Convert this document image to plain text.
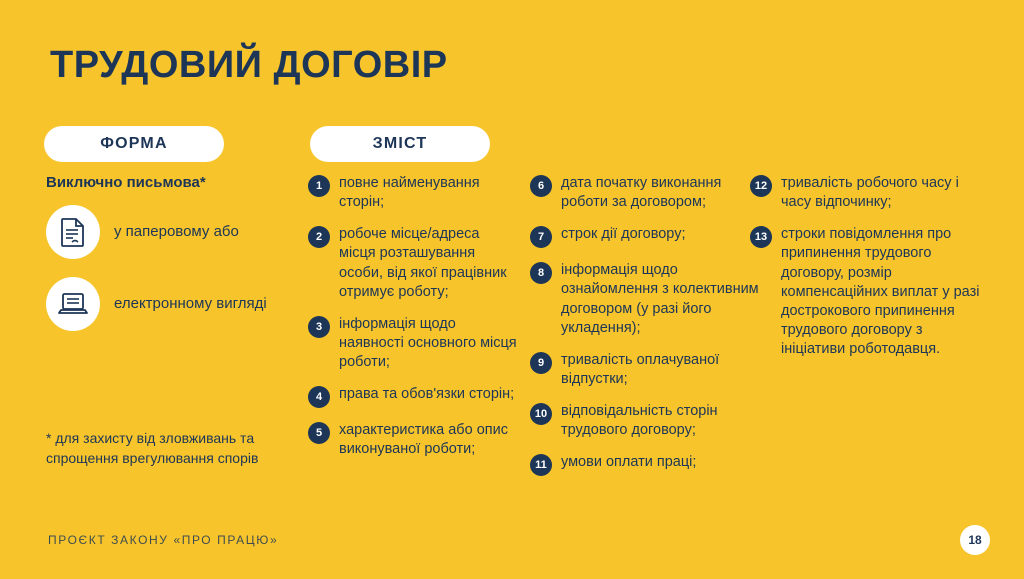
ТРУДОВИЙ ДОГОВІР
ФОРМА	ЗМІСТ
Виключно письмова*
у паперовому або
електронному вигляді
* для захисту від зловживань та спрощення врегулювання спорів
1	повне найменування сторін;
2	робоче місце/адреса місця розташування особи, від якої працівник отримує роботу;
3	інформація щодо наявності основного місця роботи;
4	права та обов'язки сторін;
5	характеристика або опис виконуваної роботи;
6	дата початку виконання роботи за договором;
7	строк дії договору;
8	інформація щодо ознайомлення з колективним договором (у разі його укладення);
9	тривалість оплачуваної відпустки;
10 відповідальність сторін трудового договору;
11 умови оплати праці;
12 тривалість робочого часу і часу відпочинку;
13 строки повідомлення про припинення трудового договору, розмір компенсаційних виплат у разі дострокового припинення трудового договору з ініціативи роботодавця.
ПРОЄКТ ЗАКОНУ «ПРО ПРАЦЮ»	18
